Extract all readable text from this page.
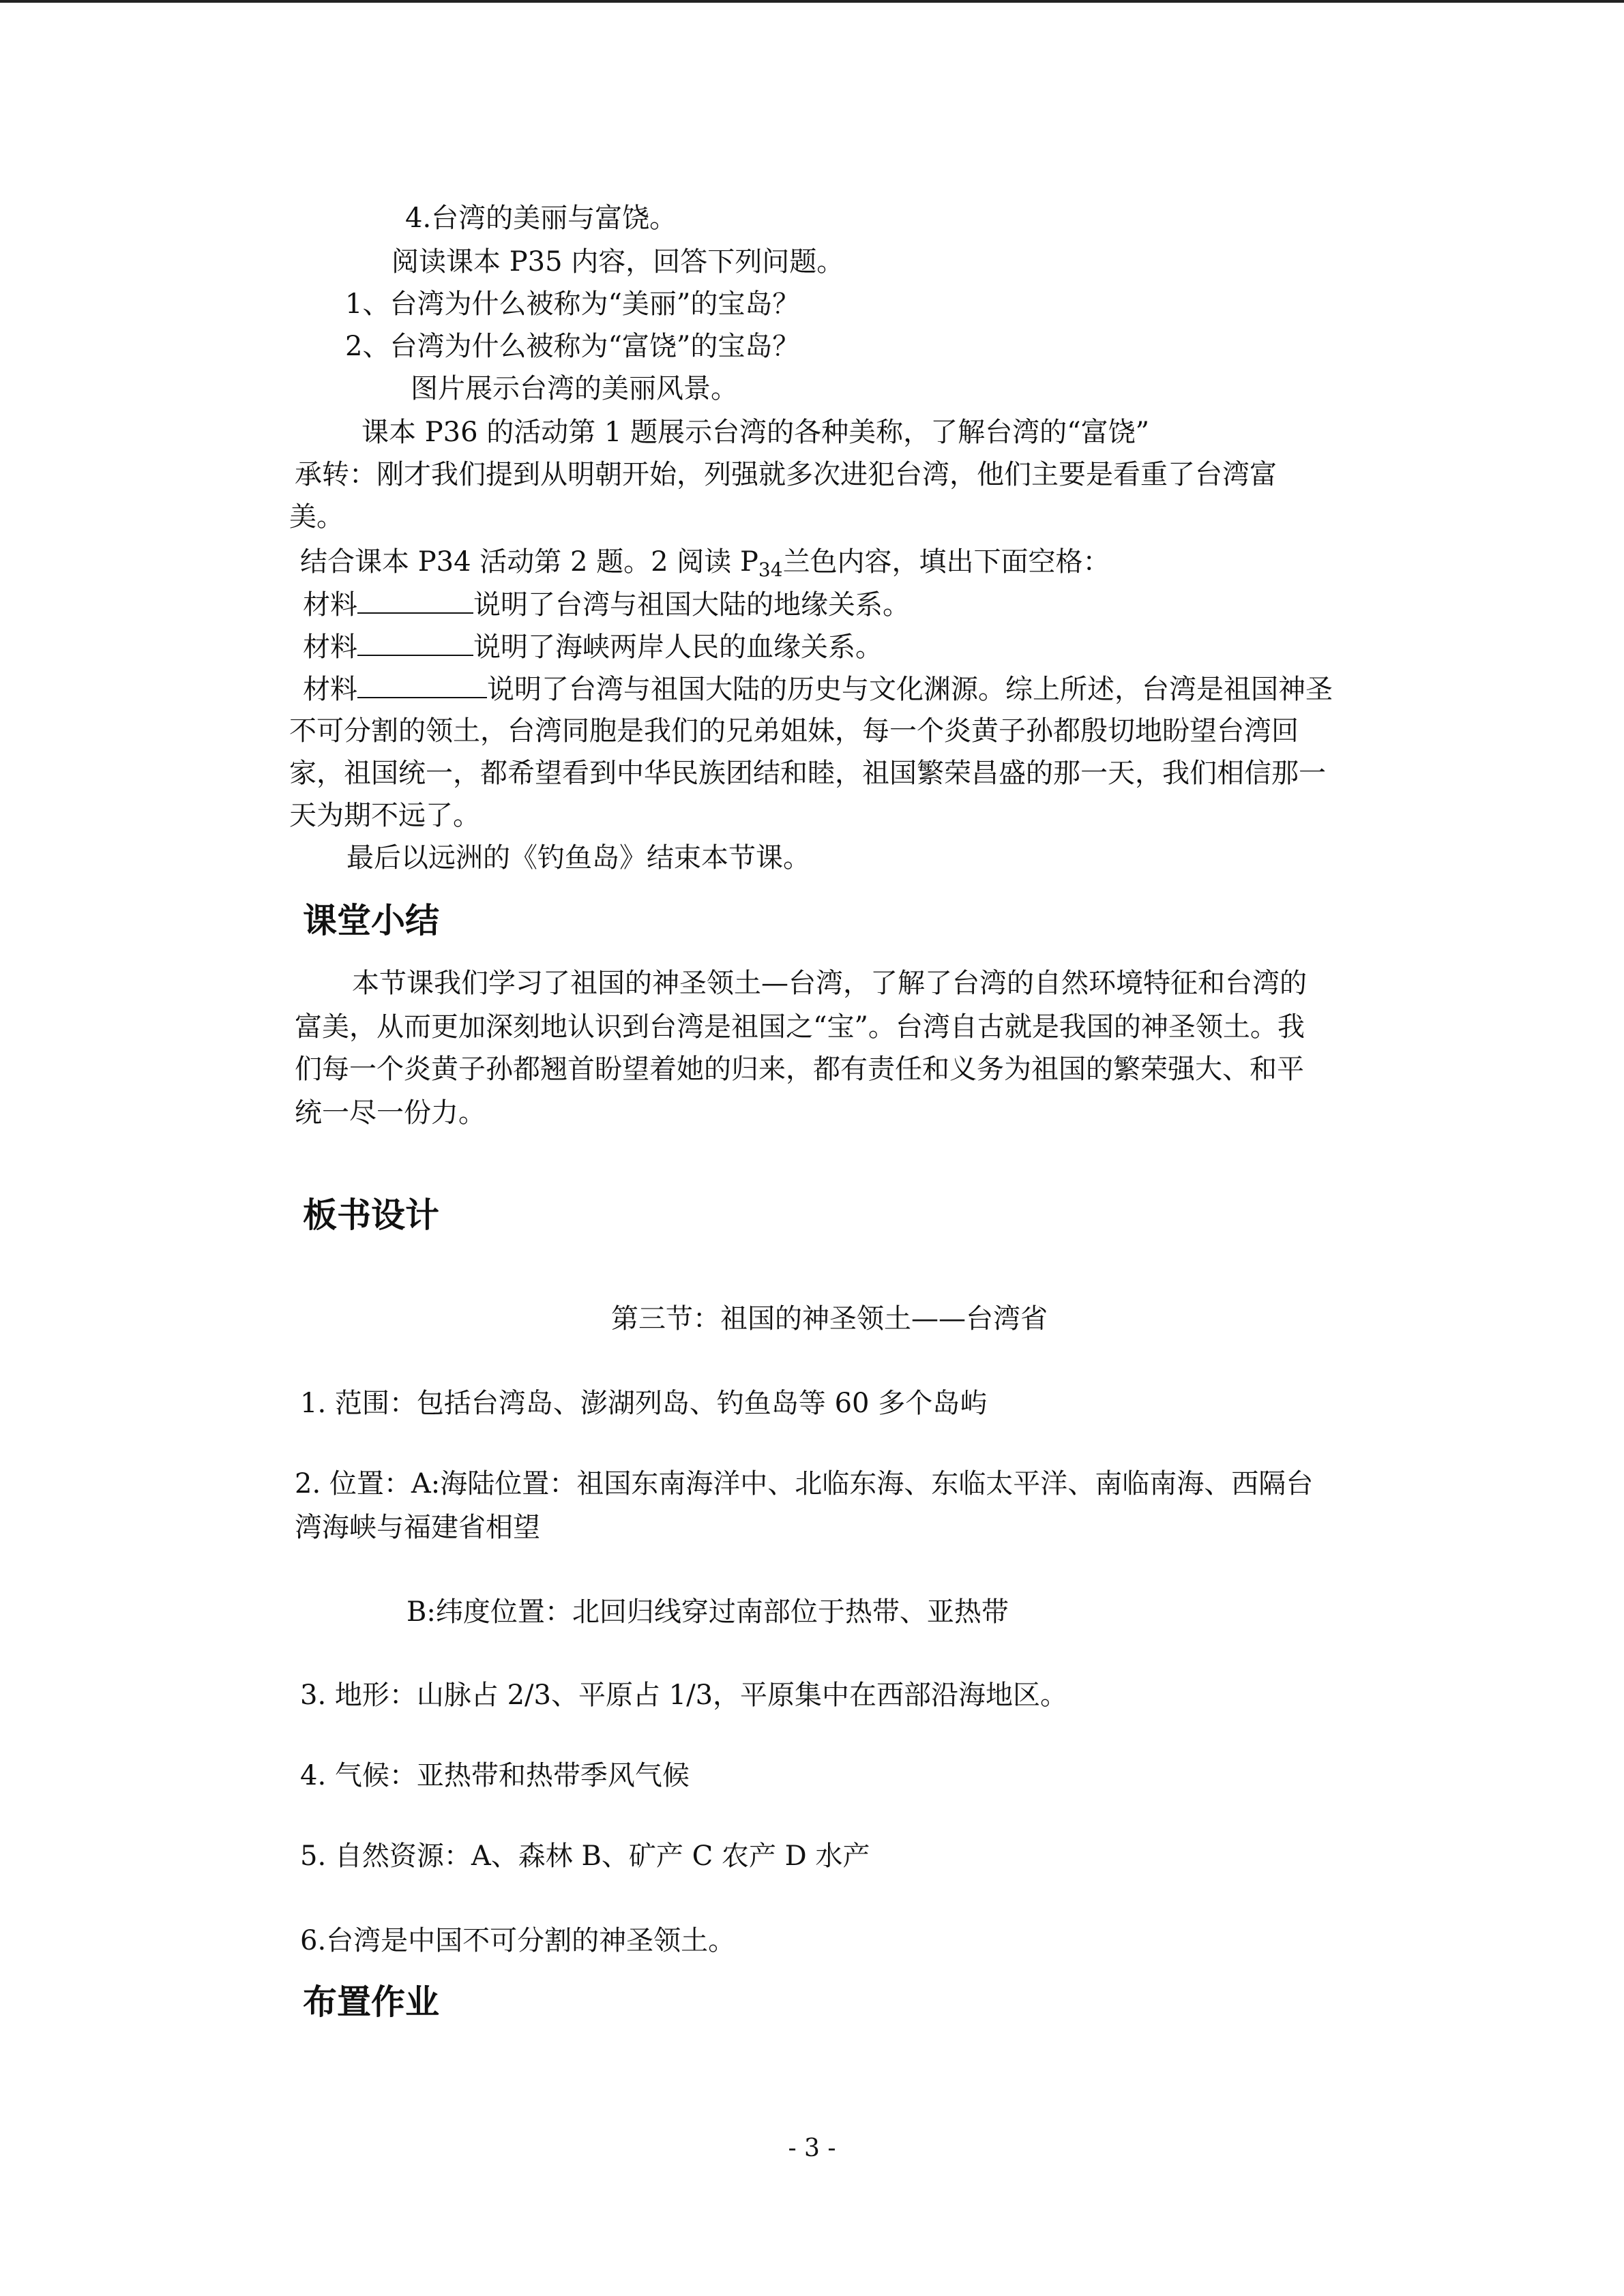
4.台湾的美丽与富饶。
阅读课本 P35 内容，回答下列问题。
1、台湾为什么被称为“美丽”的宝岛？
2、台湾为什么被称为“富饶”的宝岛？
图片展示台湾的美丽风景。
课本 P36 的活动第 1 题展示台湾的各种美称，了解台湾的“富饶”
承转：刚才我们提到从明朝开始，列强就多次进犯台湾，他们主要是看重了台湾富
美。
结合课本 P34 活动第 2 题。2 阅读 $P_{34}$兰色内容，填出下面空格：
材料	说明了台湾与祖国大陆的地缘关系。
材料	说明了海峡两岸人民的血缘关系。
材料	说明了台湾与祖国大陆的历史与文化渊源。综上所述，台湾是祖国神圣
不可分割的领土，台湾同胞是我们的兄弟姐妹，每一个炎黄子孙都殷切地盼望台湾回
家，祖国统一，都希望看到中华民族团结和睦，祖国繁荣昌盛的那一天，我们相信那一
天为期不远了。
最后以远洲的《钓鱼岛》结束本节课。
课堂小结
本节课我们学习了祖国的神圣领土—台湾，了解了台湾的自然环境特征和台湾的
富美，从而更加深刻地认识到台湾是祖国之“宝”。台湾自古就是我国的神圣领土。我
们每一个炎黄子孙都翘首盼望着她的归来，都有责任和义务为祖国的繁荣强大、和平
统一尽一份力。
板书设计
第三节：祖国的神圣领土——台湾省
1. 范围：包括台湾岛、澎湖列岛、钓鱼岛等 60 多个岛屿
2. 位置：A:海陆位置：祖国东南海洋中、北临东海、东临太平洋、南临南海、西隔台
湾海峡与福建省相望
B:纬度位置：北回归线穿过南部位于热带、亚热带
3. 地形：山脉占 2/3、平原占 1/3，平原集中在西部沿海地区。
4. 气候：亚热带和热带季风气候
5. 自然资源：A、森林 B、矿产 C 农产 D 水产
6.台湾是中国不可分割的神圣领土。
布置作业
- 3 -
